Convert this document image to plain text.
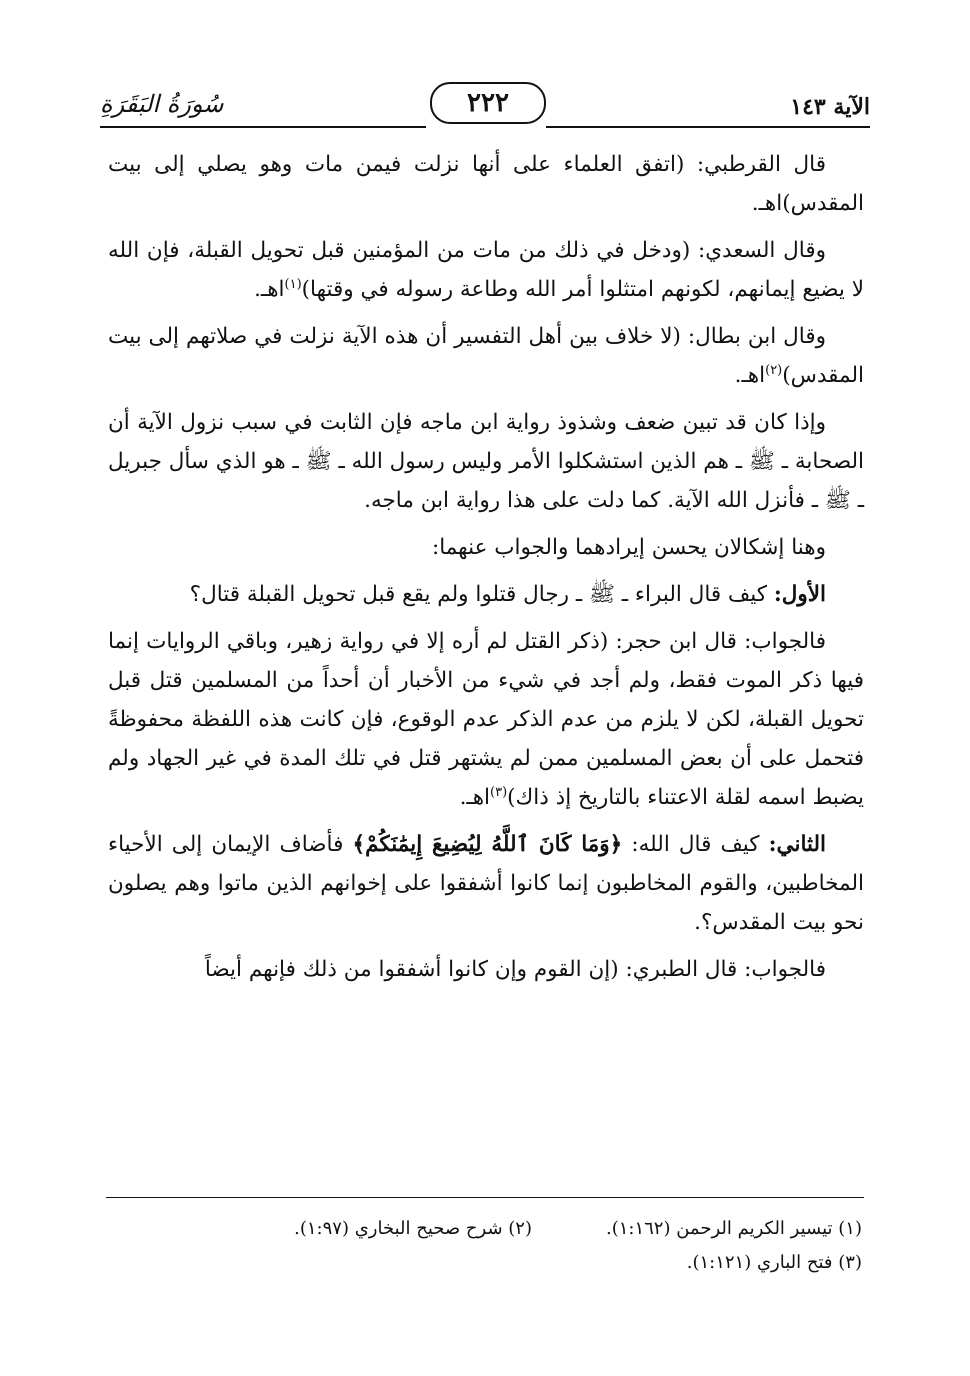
الآية ١٤٣
٢٢٢
سُورَةُ البَقَرَةِ

قال القرطبي: (اتفق العلماء على أنها نزلت فيمن مات وهو يصلي إلى بيت المقدس)اهـ.

وقال السعدي: (ودخل في ذلك من مات من المؤمنين قبل تحويل القبلة، فإن الله لا يضيع إيمانهم، لكونهم امتثلوا أمر الله وطاعة رسوله في وقتها)$^{(١)}$اهـ.

وقال ابن بطال: (لا خلاف بين أهل التفسير أن هذه الآية نزلت في صلاتهم إلى بيت المقدس)$^{(٢)}$اهـ.

وإذا كان قد تبين ضعف وشذوذ رواية ابن ماجه فإن الثابت في سبب نزول الآية أن الصحابة ـ ﷺ ـ هم الذين استشكلوا الأمر وليس رسول الله ـ ﷺ ـ هو الذي سأل جبريل ـ ﷺ ـ فأنزل الله الآية. كما دلت على هذا رواية ابن ماجه.

وهنا إشكالان يحسن إيرادهما والجواب عنهما:

الأول: كيف قال البراء ـ ﷺ ـ رجال قتلوا ولم يقع قبل تحويل القبلة قتال؟

فالجواب: قال ابن حجر: (ذكر القتل لم أره إلا في رواية زهير، وباقي الروايات إنما فيها ذكر الموت فقط، ولم أجد في شيء من الأخبار أن أحداً من المسلمين قتل قبل تحويل القبلة، لكن لا يلزم من عدم الذكر عدم الوقوع، فإن كانت هذه اللفظة محفوظةً فتحمل على أن بعض المسلمين ممن لم يشتهر قتل في تلك المدة في غير الجهاد ولم يضبط اسمه لقلة الاعتناء بالتاريخ إذ ذاك)$^{(٣)}$اهـ.

الثاني: كيف قال الله: ﴿وَمَا كَانَ ٱللَّهُ لِيُضِيعَ إِيمَٰنَكُمْ﴾ فأضاف الإيمان إلى الأحياء المخاطبين، والقوم المخاطبون إنما كانوا أشفقوا على إخوانهم الذين ماتوا وهم يصلون نحو بيت المقدس؟.

فالجواب: قال الطبري: (إن القوم وإن كانوا أشفقوا من ذلك فإنهم أيضاً

(١) تيسير الكريم الرحمن (١:١٦٢).
(٢) شرح صحيح البخاري (١:٩٧).
(٣) فتح الباري (١:١٢١).
